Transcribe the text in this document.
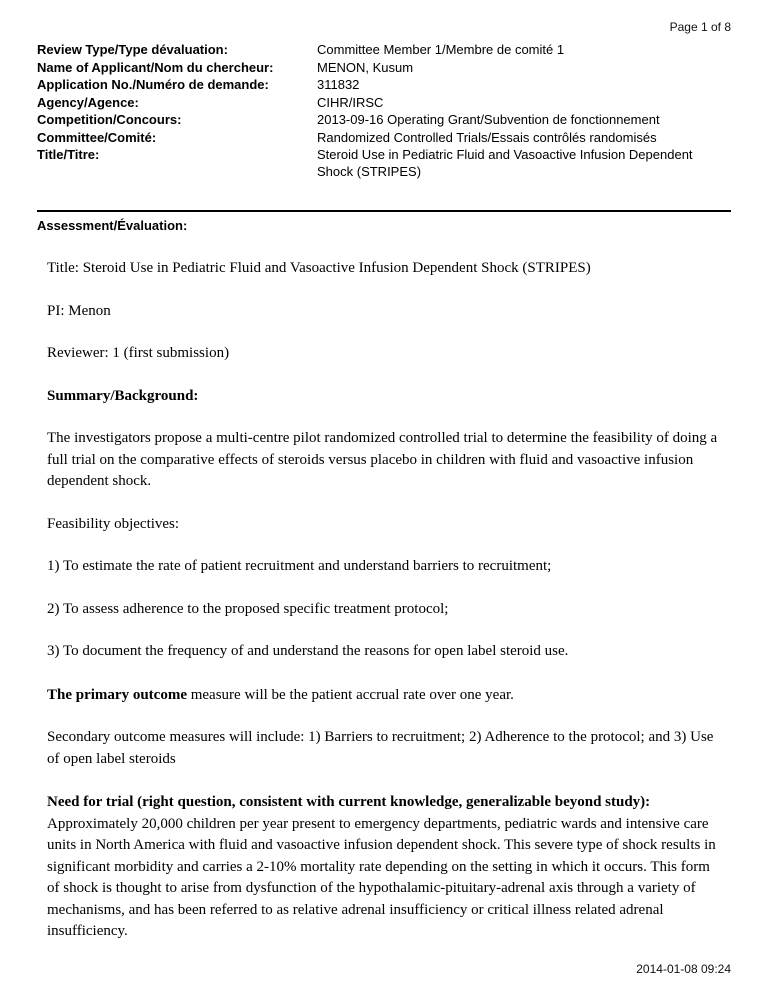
Page 1 of 8
Review Type/Type dévaluation:	Committee Member 1/Membre de comité 1
Name of Applicant/Nom du chercheur:	MENON, Kusum
Application No./Numéro de demande:	311832
Agency/Agence:	CIHR/IRSC
Competition/Concours:	2013-09-16 Operating Grant/Subvention de fonctionnement
Committee/Comité:	Randomized Controlled Trials/Essais contrôlés randomisés
Title/Titre:	Steroid Use in Pediatric Fluid and Vasoactive Infusion Dependent Shock (STRIPES)
Assessment/Évaluation:
Title: Steroid Use in Pediatric Fluid and Vasoactive Infusion Dependent Shock (STRIPES)
PI: Menon
Reviewer: 1 (first submission)
Summary/Background:
The investigators propose a multi-centre pilot randomized controlled trial to determine the feasibility of doing a full trial on the comparative effects of steroids versus placebo in children with fluid and vasoactive infusion dependent shock.
Feasibility objectives:
1) To estimate the rate of patient recruitment and understand barriers to recruitment;
2) To assess adherence to the proposed specific treatment protocol;
3) To document the frequency of and understand the reasons for open label steroid use.
The primary outcome measure will be the patient accrual rate over one year.
Secondary outcome measures will include: 1) Barriers to recruitment; 2) Adherence to the protocol; and 3) Use of open label steroids
Need for trial (right question, consistent with current knowledge, generalizable beyond study):
Approximately 20,000 children per year present to emergency departments, pediatric wards and intensive care units in North America with fluid and vasoactive infusion dependent shock. This severe type of shock results in significant morbidity and carries a 2-10% mortality rate depending on the setting in which it occurs. This form of shock is thought to arise from dysfunction of the hypothalamic-pituitary-adrenal axis through a variety of mechanisms, and has been referred to as relative adrenal insufficiency or critical illness related adrenal insufficiency.
2014-01-08 09:24
